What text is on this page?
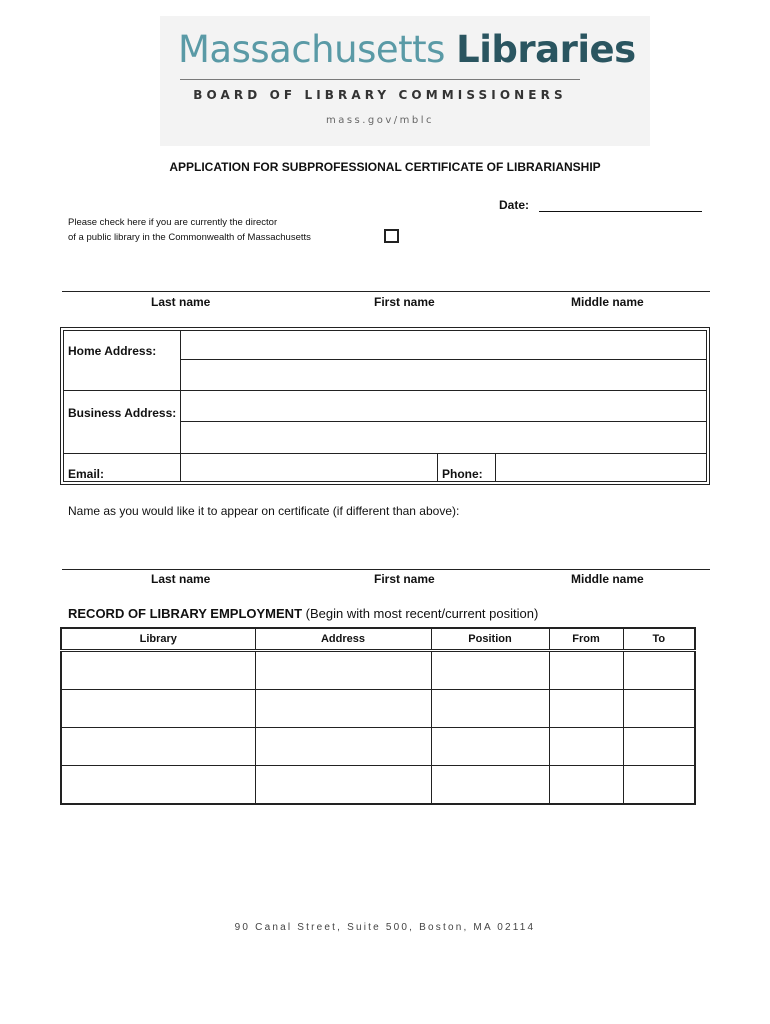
Massachusetts Libraries
BOARD OF LIBRARY COMMISSIONERS
mass.gov/mblc
APPLICATION FOR SUBPROFESSIONAL CERTIFICATE OF LIBRARIANSHIP
Date:
Please check here if you are currently the director
of a public library in the Commonwealth of Massachusetts
Last name	First name	Middle name
Home Address:
Business Address:
Email:	Phone:
Name as you would like it to appear on certificate (if different than above):
Last name	First name	Middle name
RECORD OF LIBRARY EMPLOYMENT (Begin with most recent/current position)
Library	Address	Position	From	To

90 Canal Street, Suite 500, Boston, MA 02114
